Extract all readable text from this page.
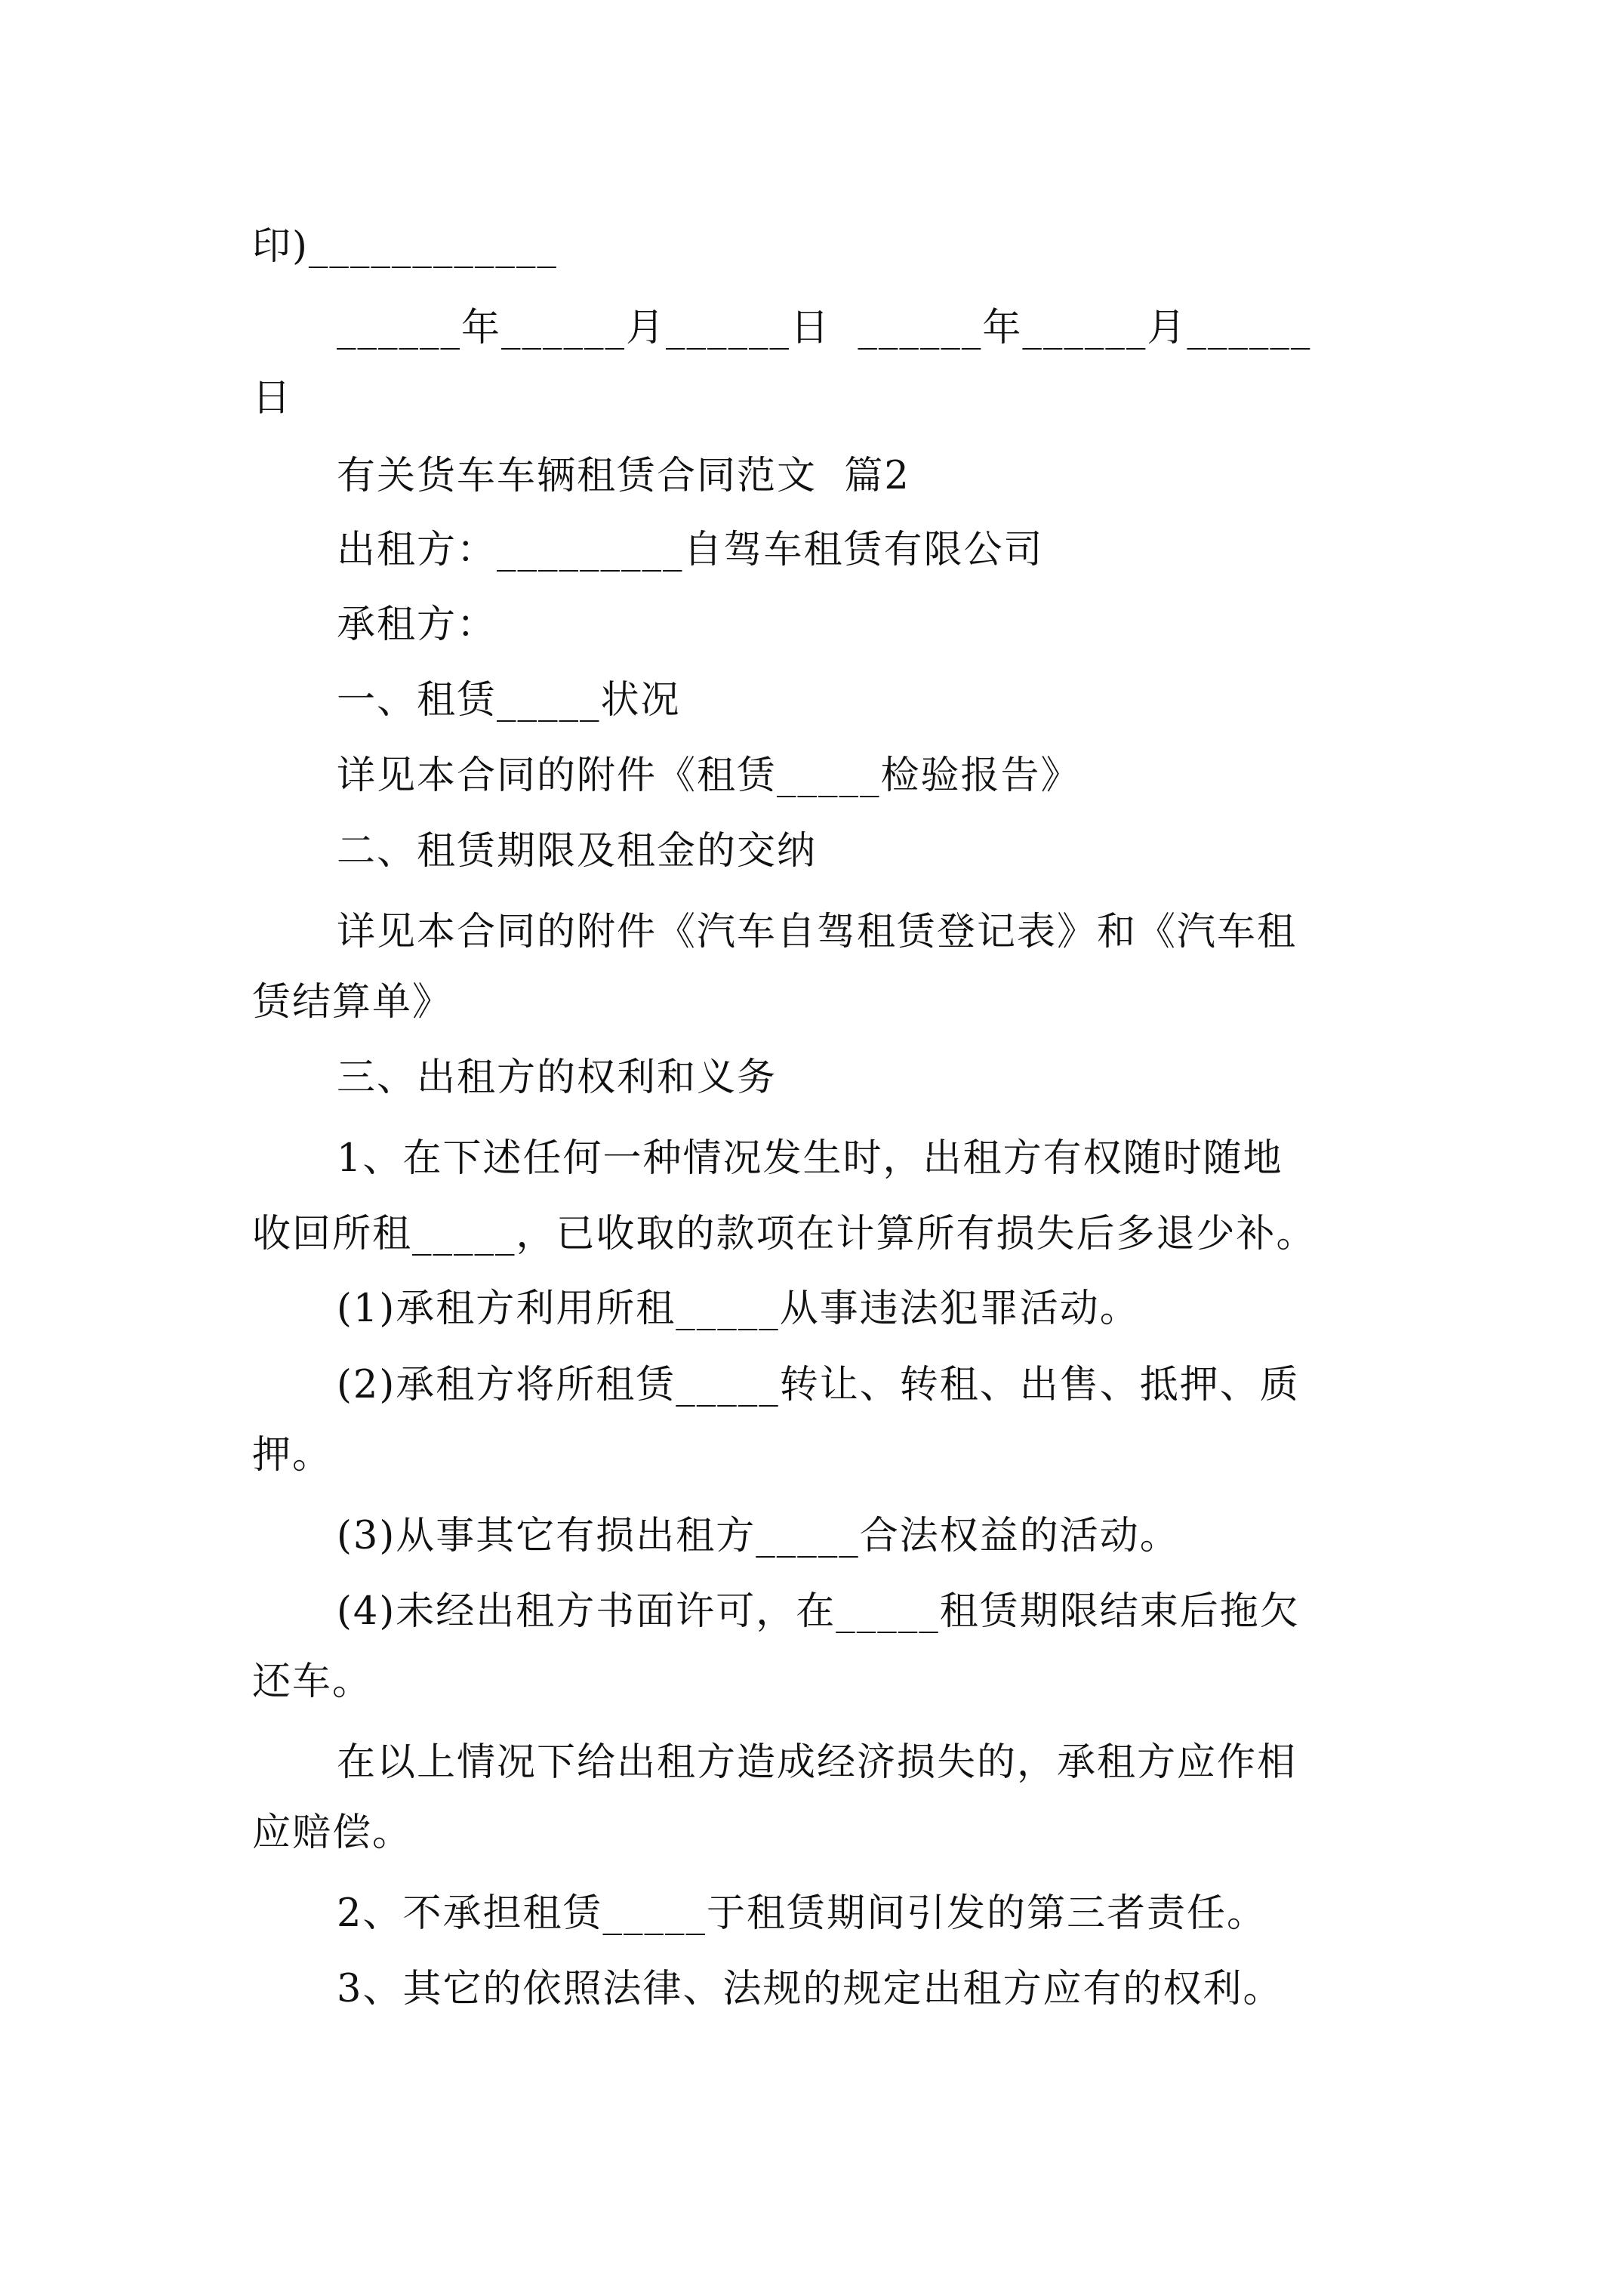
印)____________
______年______月______日  ______年______月______
日
有关货车车辆租赁合同范文  篇2
出租方：_________自驾车租赁有限公司
承租方：
一、租赁_____状况
详见本合同的附件《租赁_____检验报告》
二、租赁期限及租金的交纳
详见本合同的附件《汽车自驾租赁登记表》和《汽车租
赁结算单》
三、出租方的权利和义务
1、在下述任何一种情况发生时，出租方有权随时随地
收回所租_____，已收取的款项在计算所有损失后多退少补。
(1)承租方利用所租_____从事违法犯罪活动。
(2)承租方将所租赁_____转让、转租、出售、抵押、质
押。
(3)从事其它有损出租方_____合法权益的活动。
(4)未经出租方书面许可，在_____租赁期限结束后拖欠
还车。
在以上情况下给出租方造成经济损失的，承租方应作相
应赔偿。
2、不承担租赁_____于租赁期间引发的第三者责任。
3、其它的依照法律、法规的规定出租方应有的权利。
